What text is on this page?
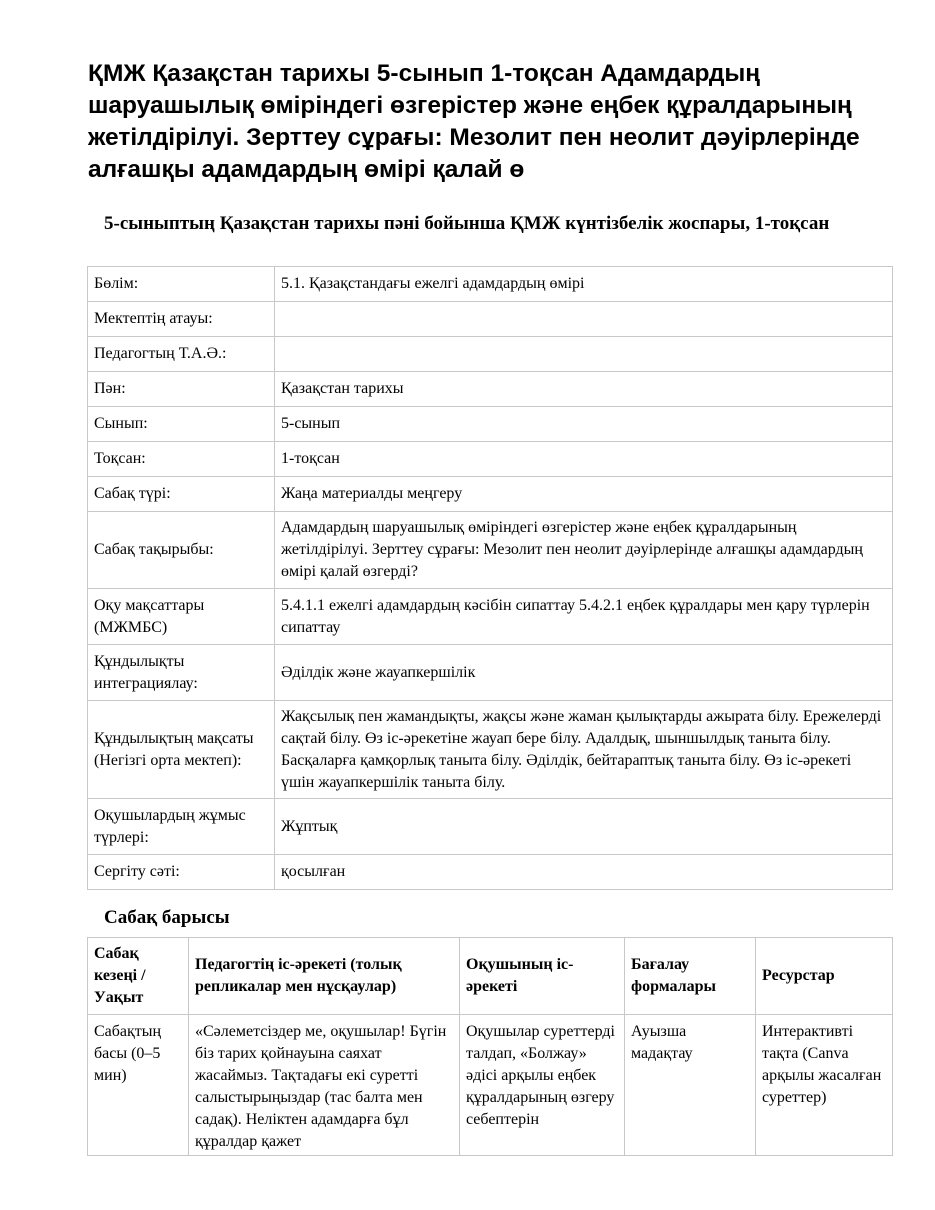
ҚМЖ Қазақстан тарихы 5-сынып 1-тоқсан Адамдардың шаруашылық өміріндегі өзгерістер және еңбек құралдарының жетілдірілуі. Зерттеу сұрағы: Мезолит пен неолит дәуірлерінде алғашқы адамдардың өмірі қалай ө
5-сыныптың Қазақстан тарихы пәні бойынша ҚМЖ күнтізбелік жоспары, 1-тоқсан
Бөлім:	5.1. Қазақстандағы ежелгі адамдардың өмірі
Мектептің атауы:	
Педагогтың Т.А.Ә.:	
Пән:	Қазақстан тарихы
Сынып:	5-сынып
Тоқсан:	1-тоқсан
Сабақ түрі:	Жаңа материалды меңгеру
Сабақ тақырыбы:	Адамдардың шаруашылық өміріндегі өзгерістер және еңбек құралдарының жетілдірілуі. Зерттеу сұрағы: Мезолит пен неолит дәуірлерінде алғашқы адамдардың өмірі қалай өзгерді?
Оқу мақсаттары (МЖМБС)	5.4.1.1 ежелгі адамдардың кәсібін сипаттау 5.4.2.1 еңбек құралдары мен қару түрлерін сипаттау
Құндылықты интеграциялау:	Әділдік және жауапкершілік
Құндылықтың мақсаты (Негізгі орта мектеп):	Жақсылық пен жамандықты, жақсы және жаман қылықтарды ажырата білу. Ережелерді сақтай білу. Өз іс-әрекетіне жауап бере білу. Адалдық, шыншылдық танытa білу. Басқаларға қамқорлық таныта білу. Әділдік, бейтараптық таныта білу. Өз іс-әрекеті үшін жауапкершілік таныта білу.
Оқушылардың жұмыс түрлері:	Жұптық
Сергіту сәті:	қосылған
Сабақ барысы
Сабақ кезеңі / Уақыт	Педагогтің іс-әрекеті (толық репликалар мен нұсқаулар)	Оқушының іс-әрекеті	Бағалау формалары	Ресурстар
Сабақтың басы (0–5 мин)	«Сәлеметсіздер ме, оқушылар! Бүгін біз тарих қойнауына саяхат жасаймыз. Тақтадағы екі суретті салыстырыңыздар (тас балта мен садақ). Неліктен адамдарға бұл құралдар қажет	Оқушылар суреттерді талдап, «Болжау» әдісі арқылы еңбек құралдарының өзгеру себептерін	Ауызша мадақтау	Интерактивті тақта (Canva арқылы жасалған суреттер)
